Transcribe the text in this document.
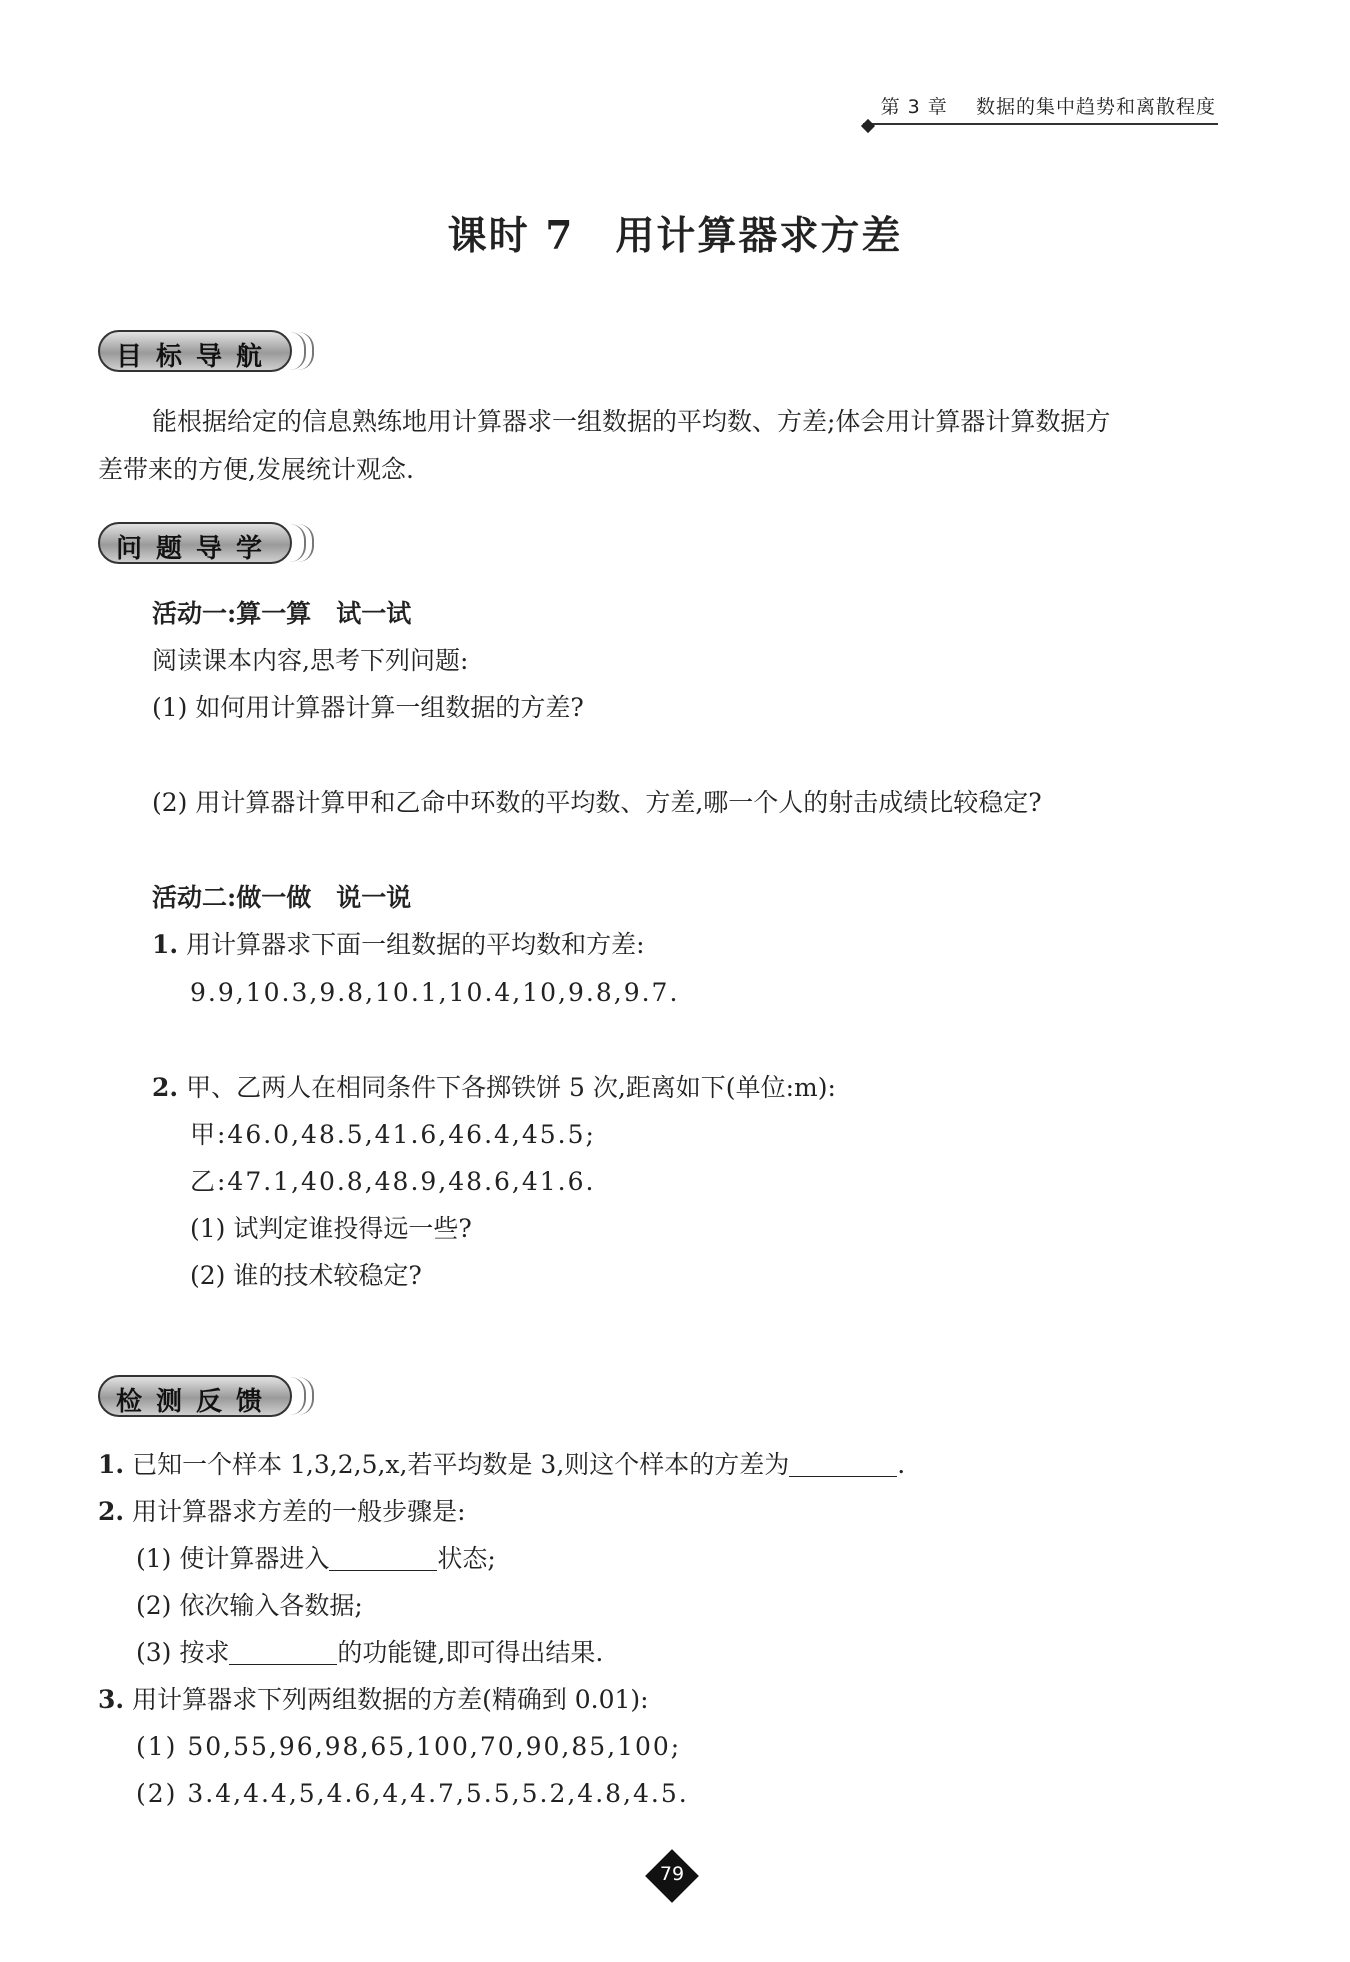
第 3 章 数据的集中趋势和离散程度
课时 7　用计算器求方差
目标导航
能根据给定的信息熟练地用计算器求一组数据的平均数、方差;体会用计算器计算数据方
差带来的方便,发展统计观念.
问题导学
活动一:算一算　试一试
阅读课本内容,思考下列问题:
(1) 如何用计算器计算一组数据的方差?
(2) 用计算器计算甲和乙命中环数的平均数、方差,哪一个人的射击成绩比较稳定?
活动二:做一做　说一说
1. 用计算器求下面一组数据的平均数和方差:
9.9,10.3,9.8,10.1,10.4,10,9.8,9.7.
2. 甲、乙两人在相同条件下各掷铁饼 5 次,距离如下(单位:m):
甲:46.0,48.5,41.6,46.4,45.5;
乙:47.1,40.8,48.9,48.6,41.6.
(1) 试判定谁投得远一些?
(2) 谁的技术较稳定?
检测反馈
1. 已知一个样本 1,3,2,5,x,若平均数是 3,则这个样本的方差为	.
2. 用计算器求方差的一般步骤是:
(1) 使计算器进入	状态;
(2) 依次输入各数据;
(3) 按求	的功能键,即可得出结果.
3. 用计算器求下列两组数据的方差(精确到 0.01):
(1) 50,55,96,98,65,100,70,90,85,100;
(2) 3.4,4.4,5,4.6,4,4.7,5.5,5.2,4.8,4.5.
79
